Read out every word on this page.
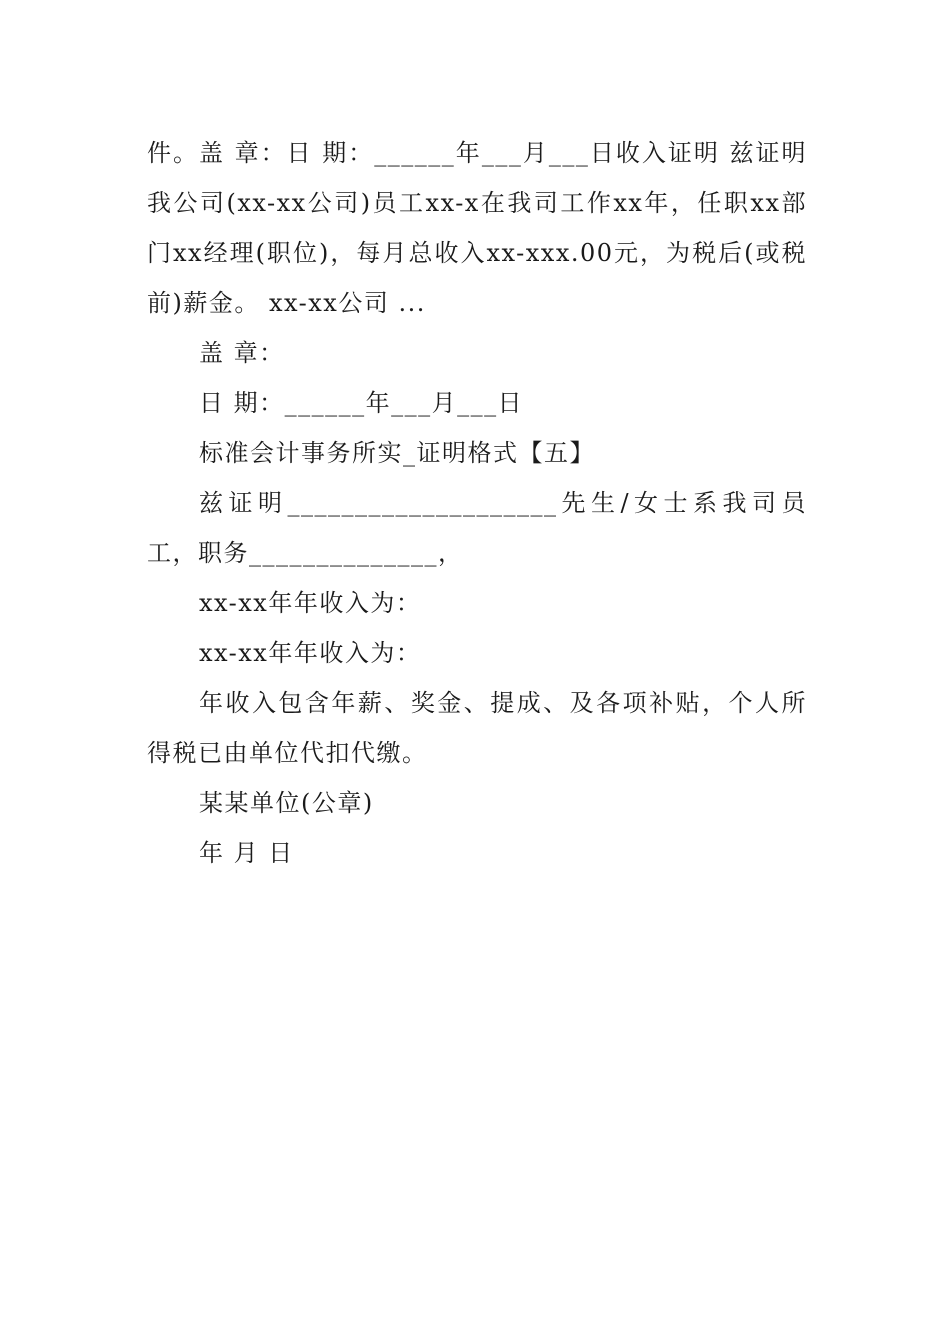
件。盖 章：日 期：______年___月___日收入证明 兹证明我公司(xx-xx公司)员工xx-x在我司工作xx年，任职xx部门xx经理(职位)，每月总收入xx-xxx.00元，为税后(或税前)薪金。 xx-xx公司 ...

盖 章：

日 期：______年___月___日

标准会计事务所实_证明格式【五】

兹证明____________________先生/女士系我司员工，职务______________，

xx-xx年年收入为：

xx-xx年年收入为：

年收入包含年薪、奖金、提成、及各项补贴，个人所得税已由单位代扣代缴。

某某单位(公章)

年 月 日
